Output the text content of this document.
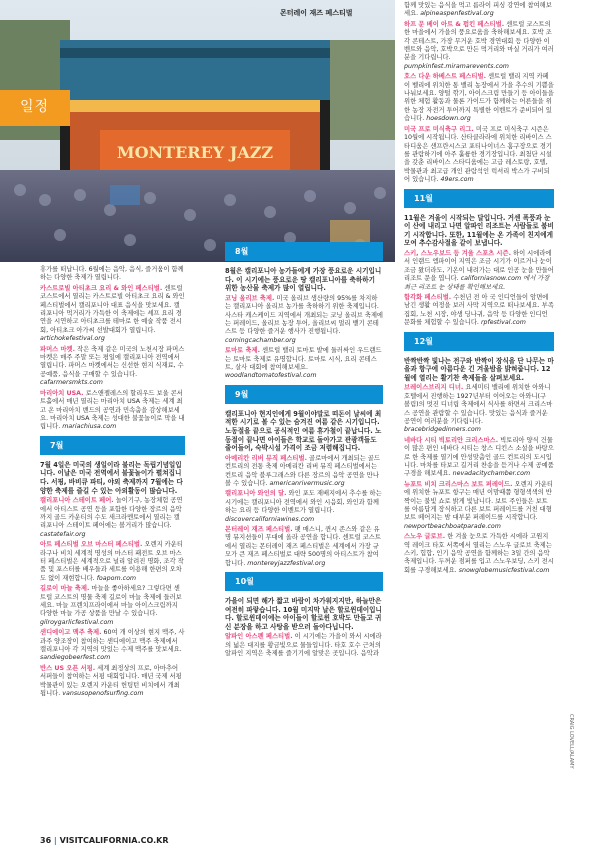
MONTEREY JAZZ
몬터레이 재즈 페스티벌
일정

휴가를 떠납니다. 6월에는 음악, 음식, 즐거움이 함께하는 다양한 축제가 열립니다.

카스트로빌 아티초크 요리 & 와인 페스티벌. 센트럴 코스트에서 열리는 카스트로빌 아티초크 요리 & 와인 페스티벌에서 캘리포니아 대표 음식을 맛보세요. 캘리포니아 먹거리가 가득한 이 축제에는 셰프 요리 경연을 시연하고 아티초크를 테마로 한 예술 작품 전시회, 아티초크 아가씨 선발대회가 열립니다. artichokefestival.org

파머스 마켓. 작은 축제 같은 미국의 노천시장 파머스 마켓은 매주 주말 또는 평일에 캘리포니아 전역에서 열립니다. 파머스 마켓에서는 신선한 현지 식재료, 수공예품, 음식을 구매할 수 있습니다. cafarmersmkts.com

마리아치 USA. 로스앤젤레스의 할리우드 보울 콘서트홀에서 매년 열리는 마리아치 USA 축제는 세계 최고 온 마리아치 밴드의 공연과 민속춤을 감상해보세요. 마리아치 USA 축제는 성대한 불꽃놀이로 막을 내립니다. mariachiusa.com

7월

7월 4일은 미국의 생일이라 불리는 독립기념일입니다. 이날은 미국 전역에서 불꽃놀이가 펼쳐집니다. 서핑, 바비큐 파티, 야외 축제까지 7월에는 다양한 축제를 즐길 수 있는 아외활동이 많습니다.

캘리포니아 스테이트 페어. 놀이기구, 농장체험 공연에서 아티스트 공연 등을 포함한 다양한 장르의 음악까지 골드 카운티의 수도 새크라멘토에서 열리는 캘리포니아 스테이트 페어에는 볼거리가 많습니다. castatefair.org

아트 페스티벌 오브 마스터 페스티벌. 오렌지 카운티 라구나 비치 세계적 명성의 마스터 패전트 오브 마스터 페스티벌은 세계적으로 널리 알려진 명화, 조각 작품 및 포스터를 배우들과 세트를 이용해 한편의 오차도 없이 재현합니다. foapom.com

길로이 마늘 축제. 마늘을 좋아하세요? 그렇다면 센트럴 코스트의 명물 축제 길로이 마늘 축제에 들러보세요. 마늘 프렌치프라이에서 마늘 아이스크림까지 다양한 마늘 가공 상품을 만날 수 있습니다. gilroygarlicfestival.com

샌디에이고 맥주 축제. 60여 개 이상의 현지 맥주, 사과주 양조장이 참여하는 샌디에이고 맥주 축제에서 캘리포니아 각 지역의 맛있는 수제 맥주를 맛보세요. sandiegobeerfest.com

반스 US 오픈 서핑. 세계 최정상의 프로, 아마추어 서퍼들이 참여하는 서핑 대회입니다. 매년 국제 서핑 박물관이 있는 오렌지 카운티 헌팅턴 비치에서 개최됩니다. vansusopenofsurfing.com

8월

8월은 캘리포니아 농가들에게 가장 풍요로운 시기입니다. 이 시기에는 풍요로운 땅 캘리포니아를 축하하기 위한 농산물 축제가 많이 열립니다.

코닝 올리브 축제. 미국 올리브 생산량의 95%를 차지하는 캘리포니아 올리브 농가를 축하하기 위한 축제입니다. 사스타 캐스케이드 지역에서 개최되는 코닝 올리브 축제에는 퍼레이드, 올리브 농장 투어, 올리브씨 멀리 뱉기 콘테스트 등 다양한 즐거운 행사가 진행됩니다. corningcachamber.org

토마토 축제. 센트럴 밸리 토마토 밭에 둘러싸인 우드랜드는 토마토 축제로 유명합니다. 토마토 시식, 요리 콘테스트, 살사 대회에 참여해보세요. woodlandtomatofestival.com

9월

캘리포니아 현지인에게 9월이야말로 떠돈이 날씨에 최적한 시기로 볼 수 있는 숨겨진 여름 같은 시기입니다. 노동절을 끝으로 공식적인 여름 휴가철이 끝납니다. 노동절이 끝나면 아이들은 학교로 돌아가고 관광객들도 줄어들어, 숙박시설 가격이 조금 저렴해집니다.

아메리칸 리버 뮤직 페스티벌. 골로마에서 개최되는 골드 컨트리의 전통 축제 아메리칸 리버 뮤직 페스티벌에서는 컨트리 음악 블루그래스와 다른 장르의 음악 공연을 만나볼 수 있습니다. americanrivermusic.org

캘리포니아 와인의 달. 와인 포도 재배지에서 추수를 하는 시기에는 캘리포니아 전역에서 와인 시음회, 와인과 함께하는 요리 등 다양한 이벤트가 열립니다. discovercaliforniawines.com

몬터레이 재즈 페스티벌. 팻 매스니, 퀸시 존스와 같은 유명 뮤지션들이 무대에 올라 공연을 합니다. 센트럴 코스트에서 열리는 몬터레이 재즈 페스티벌은 세계에서 가장 규모가 큰 재즈 페스티벌로 대략 500명의 아티스트가 참여합니다. montereyjazzfestival.org

10월

가을이 되면 해가 짧고 바람이 차가워지지만, 하늘만은 여전히 파랗습니다. 10월 미지막 날은 할로윈데이입니다. 할로윈데이에는 아이들이 할로윈 호박도 만들고 귀신 분장을 하고 사탕을 받으러 돌아다닙니다.

알파인 아스펜 페스티벌. 이 시기에는 가을이 와서 시에라의 넓은 대지를 황금빛으로 물들입니다. 타호 호수 근처의 알파인 지역은 축제를 즐기기에 알맞은 곳입니다. 음악과

함께 맛있는 음식을 먹고 름라이 피싱 강연에 참여해보세요. alpineaspenfestival.org

하프 문 베이 아트 & 펌킨 페스티벌. 센트럴 코스트의 한 마을에서 가을의 풍요로움을 축하해보세요. 호박 조각 콘테스트, 가장 무거운 호박 경연대회 등 다양한 이벤트와 음악, 호박으로 만든 먹거리와 마실 거리가 여러분을 기다립니다. pumpkinfest.miramarevents.com

호스 다운 하베스트 페스티벌. 센트럴 밸리 지역 카페이 벨리에 위치한 통 밸리 농장에서 가을 추수의 기쁨을 나눠보세요. 양털 깎기, 아이스크림 만들기 등 아이들을 위한 체험 활동과 물론 가이드가 함께하는 어른들을 위한 농장 자전거 투어까지 특별한 이벤트가 준비되어 있습니다. hoesdown.org

미국 프로 미식축구 리그. 미국 프로 미식축구 시즌은 10월에 시작됩니다. 산타클라라에 위치한 리바이스 스타디움은 샌프란시스코 포티나이너스 홈구장으로 경기를 관람하기에 아주 훌륭한 경기장입니다. 최첨단 시설을 갖춘 리바이스 스타디움에는 고급 레스토랑, 호텔, 박물관과 최고급 개인 관람석인 럭셔리 박스가 구비되어 있습니다. 49ers.com

11월

11월은 겨울이 시작되는 달입니다. 거센 폭풍과 눈이 산에 내리고 나면 알파인 리조트는 사람들로 붐비기 시작합니다. 또한, 11월에는 온 가족이 친지에게 모여 추수감사절을 같이 보냅니다.

스키, 스노우보드 등 겨울 스포츠 시즌. 하이 시에라에서 인랜드 엠파이어 지역은 조금 시기가 이르거나 눈이 조금 왔더라도, 기온이 내려가는 대로 인공 눈을 만들어 리조트 문을 엽니다. californiasnow.com 에서 가장 최근 리조트 눈 상태를 확인해보세요.

함각화 페스티벌. 수천년 전 아 국 인디언들이 암면에 남긴 생활 여정을 보러 사막 지역으로 떠나보세요. 부족 집회, 노천 시장, 야생 딩나귀, 음악 등 다양한 인디언 문화를 체험할 수 있습니다. rpfestival.com

12월

반짝반짝 빛나는 전구와 반짝이 장식을 단 나무는 마을과 항구에 아름다운 긴 겨울밤을 밝혀줍니다. 12월에 열리는 활기찬 축제들을 살펴보세요.

브레이스브리지 디너. 요세미티 밸리에 위치한 아와니 호텔에서 진행하는 1927년부터 이어오는 아와니(구 볼림)의 멋진 디너립 축제에서 식사를 하면서 크리스마스 공연을 관람할 수 있습니다. 맛있는 음식과 즐거운 공연이 여러분을 기다립니다. bracebridgedinners.com

네바다 시티 빅토리안 크리스마스. 빅토리아 양식 건물이 많은 편인 네바다 시티는 창스 디킨스 소설을 바탕으로 한 축제를 열기에 안성맞춤인 골드 컨트리의 도시입니다. 마차를 타보고 길거리 찬송을 듣거나 수제 공예품 구경을 해보세요. nevadacitychamber.com

뉴포트 비치 크리스마스 보트 퍼레이드. 오렌지 카운티에 위치한 뉴포트 항구는 매년 이맘때쯤 형형색색의 반짝이는 불빛 쇼로 밝게 빛납니다. 보트 주인들은 보트 를 아름답게 장식하고 다른 보트 퍼레이드를 거친 대형 보트 떼어지는 밤 대부분 퍼레이드를 시작합니다. newportbeachboatparade.com

스노우 글로브. 한 겨울 눈으로 가득한 시에라 고원지역 레이크 타호 서쪽에서 열리는 스노우 글로브 축제는 스키, 힙합, 인기 음악 공연을 함께하는 3일 간의 음악 축제입니다. 두꺼운 점퍼를 입고 스노우보딩, 스키 전시회를 구경해보세요. snowglobemusicfestival.com

CRAIG LOVELL/ALAMY
36 | VISITCALIFORNIA.CO.KR
